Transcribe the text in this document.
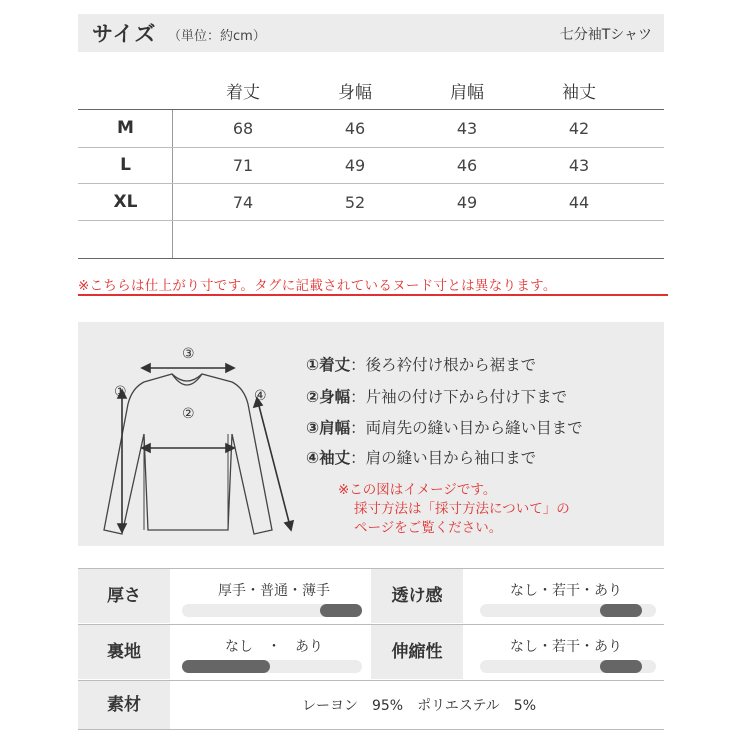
サイズ （単位：約cm）	七分袖Tシャツ
着丈	身幅	肩幅	袖丈
M	68	46	43	42
L	71	49	46	43
XL	74	52	49	44
※こちらは仕上がり寸です。タグに記載されているヌード寸とは異なります。
③
②
①	④
①着丈：後ろ衿付け根から裾まで
②身幅：片袖の付け下から付け下まで
③肩幅：両肩先の縫い目から縫い目まで
④袖丈：肩の縫い目から袖口まで
※この図はイメージです。
採寸方法は「採寸方法について」の
ページをご覧ください。
厚さ	厚手・普通・薄手	透け感	なし・若干・あり
裏地	なし　・　あり	伸縮性	なし・若干・あり
素材	レーヨン　95%　ポリエステル　5%
